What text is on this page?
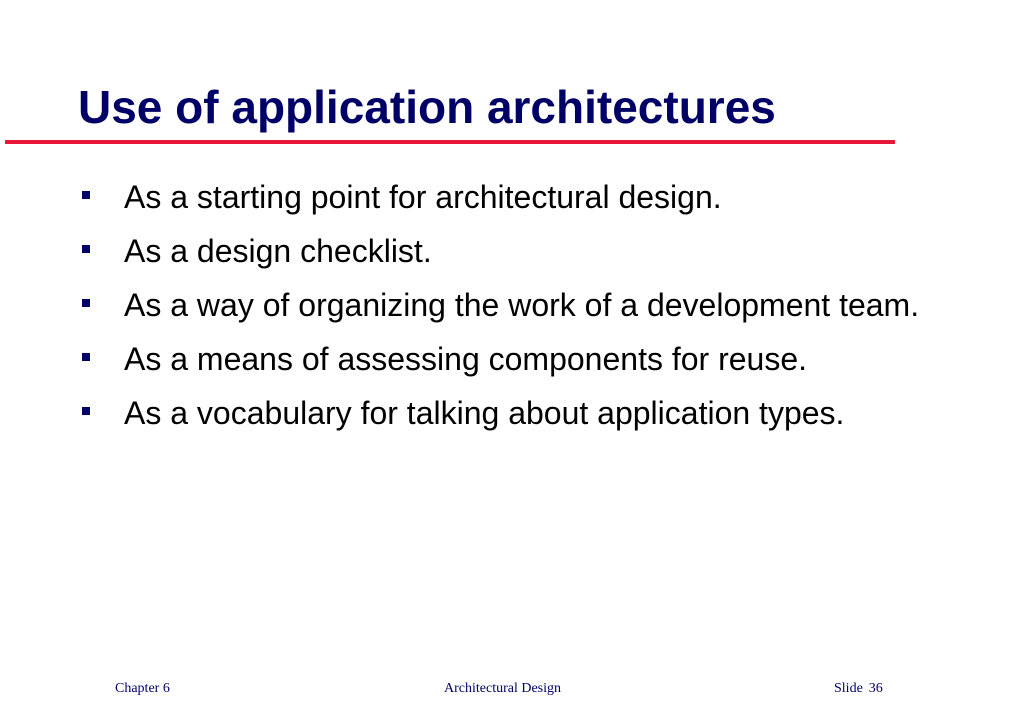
Use of application architectures
As a starting point for architectural design.
As a design checklist.
As a way of organizing the work of a development team.
As a means of assessing components for reuse.
As a vocabulary for talking about application types.
Chapter 6	Architectural Design	Slide 36
